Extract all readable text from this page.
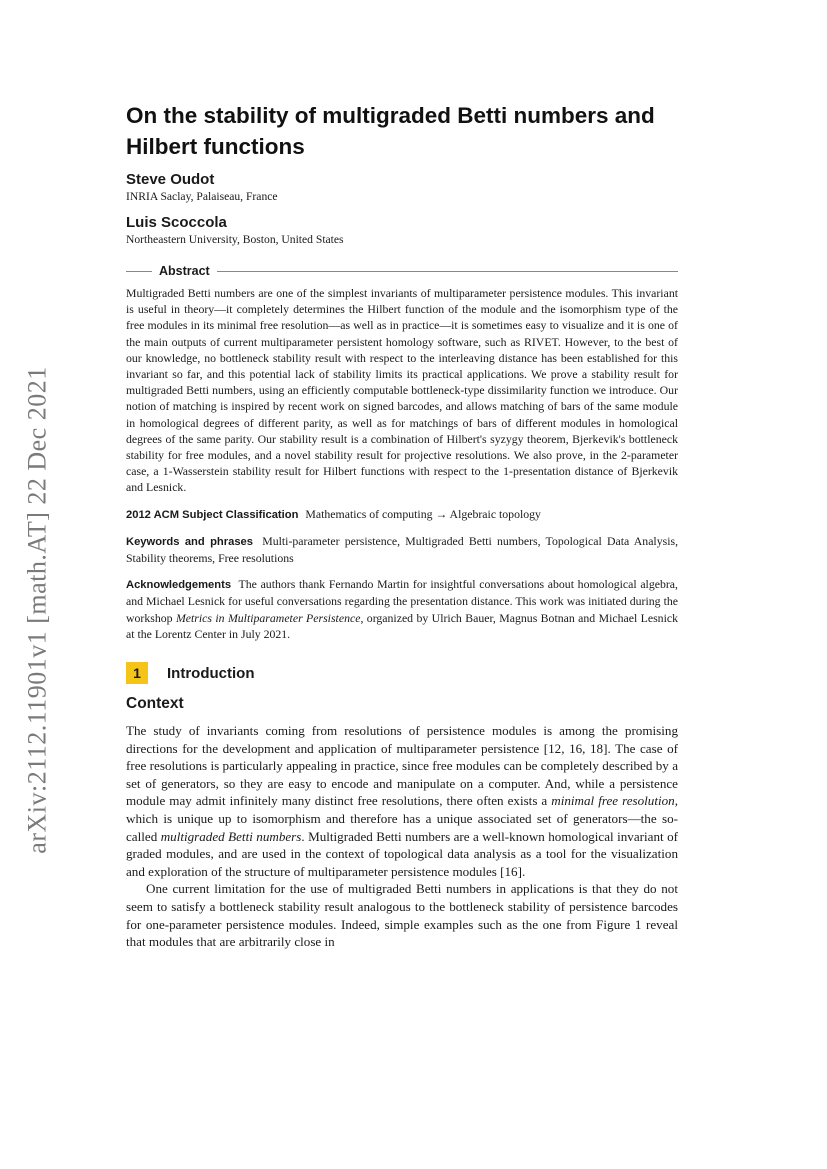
arXiv:2112.11901v1 [math.AT] 22 Dec 2021
On the stability of multigraded Betti numbers and Hilbert functions
Steve Oudot
INRIA Saclay, Palaiseau, France
Luis Scoccola
Northeastern University, Boston, United States
Abstract
Multigraded Betti numbers are one of the simplest invariants of multiparameter persistence modules. This invariant is useful in theory—it completely determines the Hilbert function of the module and the isomorphism type of the free modules in its minimal free resolution—as well as in practice—it is sometimes easy to visualize and it is one of the main outputs of current multiparameter persistent homology software, such as RIVET. However, to the best of our knowledge, no bottleneck stability result with respect to the interleaving distance has been established for this invariant so far, and this potential lack of stability limits its practical applications. We prove a stability result for multigraded Betti numbers, using an efficiently computable bottleneck-type dissimilarity function we introduce. Our notion of matching is inspired by recent work on signed barcodes, and allows matching of bars of the same module in homological degrees of different parity, as well as for matchings of bars of different modules in homological degrees of the same parity. Our stability result is a combination of Hilbert's syzygy theorem, Bjerkevik's bottleneck stability for free modules, and a novel stability result for projective resolutions. We also prove, in the 2-parameter case, a 1-Wasserstein stability result for Hilbert functions with respect to the 1-presentation distance of Bjerkevik and Lesnick.
2012 ACM Subject Classification Mathematics of computing → Algebraic topology
Keywords and phrases Multi-parameter persistence, Multigraded Betti numbers, Topological Data Analysis, Stability theorems, Free resolutions
Acknowledgements The authors thank Fernando Martin for insightful conversations about homological algebra, and Michael Lesnick for useful conversations regarding the presentation distance. This work was initiated during the workshop Metrics in Multiparameter Persistence, organized by Ulrich Bauer, Magnus Botnan and Michael Lesnick at the Lorentz Center in July 2021.
1	Introduction
Context

The study of invariants coming from resolutions of persistence modules is among the promising directions for the development and application of multiparameter persistence [12, 16, 18]. The case of free resolutions is particularly appealing in practice, since free modules can be completely described by a set of generators, so they are easy to encode and manipulate on a computer. And, while a persistence module may admit infinitely many distinct free resolutions, there often exists a minimal free resolution, which is unique up to isomorphism and therefore has a unique associated set of generators—the so-called multigraded Betti numbers. Multigraded Betti numbers are a well-known homological invariant of graded modules, and are used in the context of topological data analysis as a tool for the visualization and exploration of the structure of multiparameter persistence modules [16].

One current limitation for the use of multigraded Betti numbers in applications is that they do not seem to satisfy a bottleneck stability result analogous to the bottleneck stability of persistence barcodes for one-parameter persistence modules. Indeed, simple examples such as the one from Figure 1 reveal that modules that are arbitrarily close in
